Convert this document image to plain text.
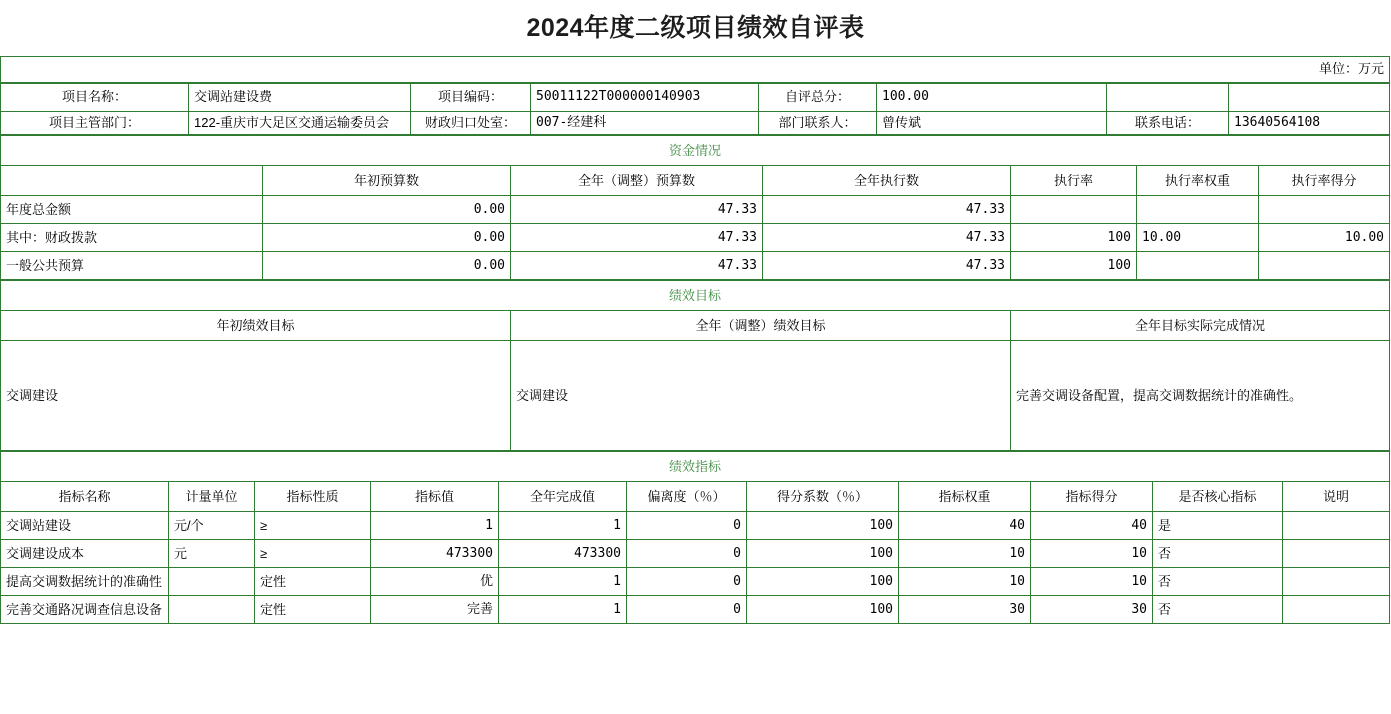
2024年度二级项目绩效自评表
单位：万元
项目名称：	交调站建设费	项目编码：	50011122T000000140903	自评总分：	100.00		
项目主管部门：	122-重庆市大足区交通运输委员会	财政归口处室：	007-经建科	部门联系人：	曾传斌	联系电话：	13640564108
资金情况						
	年初预算数	全年（调整）预算数	全年执行数	执行率	执行率权重	执行率得分
年度总金额	0.00	47.33	47.33			
其中：财政拨款	0.00	47.33	47.33	100	10.00	10.00
一般公共预算	0.00	47.33	47.33	100		
绩效目标		
年初绩效目标	全年（调整）绩效目标	全年目标实际完成情况
交调建设	交调建设	完善交调设备配置，提高交调数据统计的准确性。
绩效指标										
指标名称	计量单位	指标性质	指标值	全年完成值	偏离度（％）	得分系数（％）	指标权重	指标得分	是否核心指标	说明
交调站建设	元/个	≥	1	1	0	100	40	40	是	
交调建设成本	元	≥	473300	473300	0	100	10	10	否	
提高交调数据统计的准确性		定性	优	1	0	100	10	10	否	
完善交通路况调查信息设备		定性	完善	1	0	100	30	30	否	
